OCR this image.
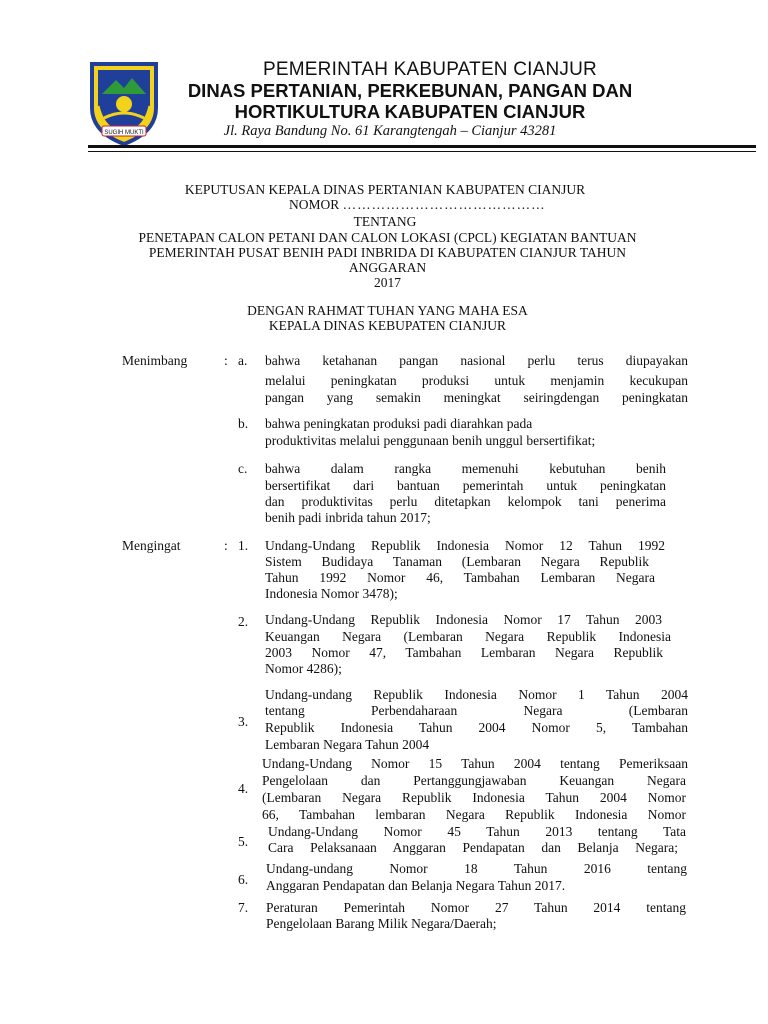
SUGIH MUKTI
PEMERINTAH KABUPATEN CIANJUR
DINAS PERTANIAN, PERKEBUNAN, PANGAN DAN
HORTIKULTURA KABUPATEN CIANJUR
Jl. Raya Bandung No. 61 Karangtengah – Cianjur 43281
KEPUTUSAN KEPALA DINAS PERTANIAN KABUPATEN CIANJUR
NOMOR ……………………………………
TENTANG
PENETAPAN CALON PETANI DAN CALON LOKASI (CPCL) KEGIATAN BANTUAN
PEMERINTAH PUSAT BENIH PADI INBRIDA DI KABUPATEN CIANJUR TAHUN
ANGGARAN
2017
DENGAN RAHMAT TUHAN YANG MAHA ESA
KEPALA DINAS KEBUPATEN CIANJUR
Menimbang	: a. bahwa ketahanan pangan nasional perlu terus diupayakan
melalui peningkatan produksi untuk menjamin kecukupan
pangan yang semakin meningkat seiringdengan peningkatan
b. bahwa peningkatan produksi padi diarahkan pada
produktivitas melalui penggunaan benih unggul bersertifikat;
c. bahwa dalam rangka memenuhi kebutuhan benih
bersertifikat dari bantuan pemerintah untuk peningkatan
dan produktivitas perlu ditetapkan kelompok tani penerima
benih padi inbrida tahun 2017;
Mengingat	: 1. Undang-Undang Republik Indonesia Nomor 12 Tahun 1992
Sistem Budidaya Tanaman (Lembaran Negara Republik
Tahun 1992 Nomor 46, Tambahan Lembaran Negara
Indonesia Nomor 3478);
2. Undang-Undang Republik Indonesia Nomor 17 Tahun 2003
Keuangan Negara (Lembaran Negara Republik Indonesia
2003 Nomor 47, Tambahan Lembaran Negara Republik
Nomor 4286);
3.
Undang-undang Republik Indonesia Nomor 1 Tahun 2004
tentang Perbendaharaan Negara (Lembaran
Republik Indonesia Tahun 2004 Nomor 5, Tambahan
Lembaran Negara Tahun 2004
4.
Undang-Undang Nomor 15 Tahun 2004 tentang Pemeriksaan
Pengelolaan dan Pertanggungjawaban Keuangan Negara
(Lembaran Negara Republik Indonesia Tahun 2004 Nomor
66, Tambahan lembaran Negara Republik Indonesia Nomor
5.
Undang-Undang Nomor 45 Tahun 2013 tentang Tata
Cara Pelaksanaan Anggaran Pendapatan dan Belanja Negara;
6.
Undang-undang Nomor 18 Tahun 2016 tentang
Anggaran Pendapatan dan Belanja Negara Tahun 2017.
7. Peraturan Pemerintah Nomor 27 Tahun 2014 tentang
Pengelolaan Barang Milik Negara/Daerah;
